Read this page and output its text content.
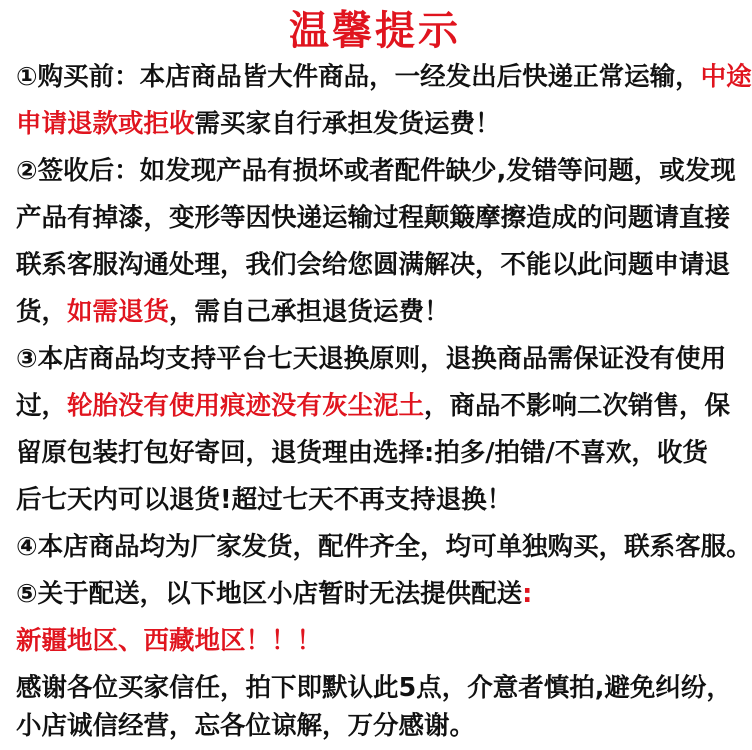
温馨提示
①购买前：本店商品皆大件商品，一经发出后快递正常运输，中途
申请退款或拒收需买家自行承担发货运费！
②签收后：如发现产品有损坏或者配件缺少,发错等问题，或发现
产品有掉漆，变形等因快递运输过程颠簸摩擦造成的问题请直接
联系客服沟通处理，我们会给您圆满解决，不能以此问题申请退
货，如需退货，需自己承担退货运费！
③本店商品均支持平台七天退换原则，退换商品需保证没有使用
过，轮胎没有使用痕迹没有灰尘泥土，商品不影响二次销售，保
留原包装打包好寄回，退货理由选择:拍多/拍错/不喜欢，收货
后七天内可以退货!超过七天不再支持退换！
④本店商品均为厂家发货，配件齐全，均可单独购买，联系客服。
⑤关于配送，以下地区小店暂时无法提供配送:
新疆地区、西藏地区！！！
感谢各位买家信任，拍下即默认此5点，介意者慎拍,避免纠纷，
小店诚信经营，忘各位谅解，万分感谢。
